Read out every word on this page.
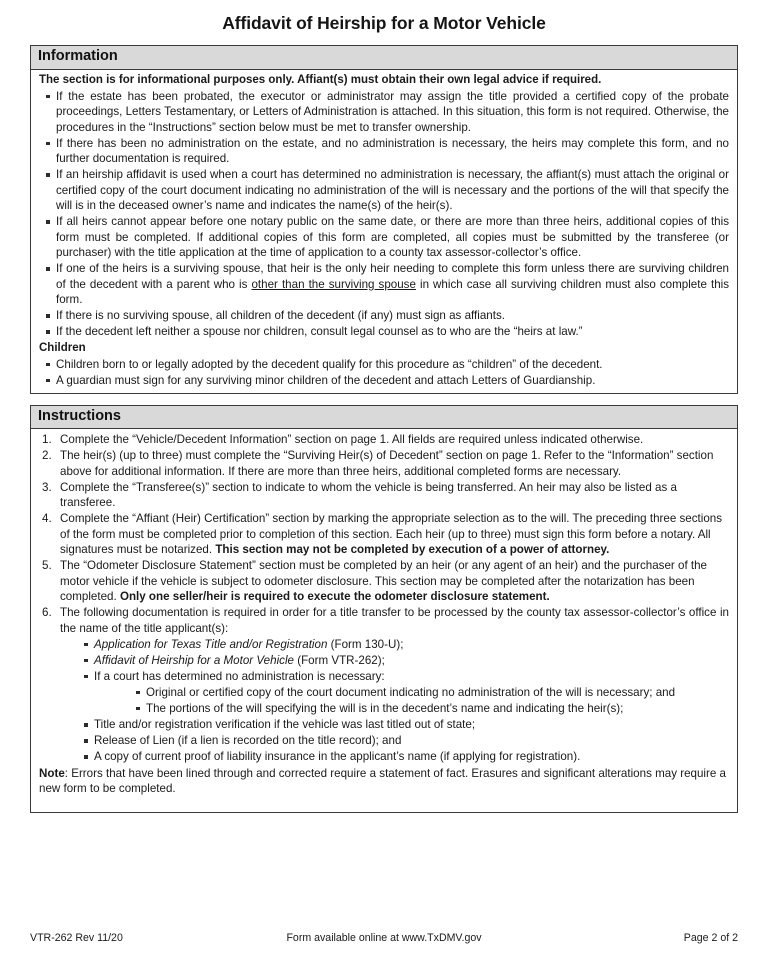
Affidavit of Heirship for a Motor Vehicle
Information

The section is for informational purposes only. Affiant(s) must obtain their own legal advice if required.

If the estate has been probated, the executor or administrator may assign the title provided a certified copy of the probate proceedings, Letters Testamentary, or Letters of Administration is attached. In this situation, this form is not required. Otherwise, the procedures in the “Instructions” section below must be met to transfer ownership.
If there has been no administration on the estate, and no administration is necessary, the heirs may complete this form, and no further documentation is required.
If an heirship affidavit is used when a court has determined no administration is necessary, the affiant(s) must attach the original or certified copy of the court document indicating no administration of the will is necessary and the portions of the will that specify the will is in the deceased owner’s name and indicates the name(s) of the heir(s).
If all heirs cannot appear before one notary public on the same date, or there are more than three heirs, additional copies of this form must be completed. If additional copies of this form are completed, all copies must be submitted by the transferee (or purchaser) with the title application at the time of application to a county tax assessor-collector’s office.
If one of the heirs is a surviving spouse, that heir is the only heir needing to complete this form unless there are surviving children of the decedent with a parent who is other than the surviving spouse in which case all surviving children must also complete this form.
If there is no surviving spouse, all children of the decedent (if any) must sign as affiants.
If the decedent left neither a spouse nor children, consult legal counsel as to who are the “heirs at law.”

Children

Children born to or legally adopted by the decedent qualify for this procedure as “children” of the decedent.
A guardian must sign for any surviving minor children of the decedent and attach Letters of Guardianship.
Instructions
Complete the “Vehicle/Decedent Information” section on page 1. All fields are required unless indicated otherwise.
The heir(s) (up to three) must complete the “Surviving Heir(s) of Decedent” section on page 1. Refer to the “Information” section above for additional information. If there are more than three heirs, additional completed forms are necessary.
Complete the “Transferee(s)” section to indicate to whom the vehicle is being transferred. An heir may also be listed as a transferee.
Complete the “Affiant (Heir) Certification” section by marking the appropriate selection as to the will. The preceding three sections of the form must be completed prior to completion of this section. Each heir (up to three) must sign this form before a notary. All signatures must be notarized. This section may not be completed by execution of a power of attorney.
The “Odometer Disclosure Statement” section must be completed by an heir (or any agent of an heir) and the purchaser of the motor vehicle if the vehicle is subject to odometer disclosure. This section may be completed after the notarization has been completed. Only one seller/heir is required to execute the odometer disclosure statement.
The following documentation is required in order for a title transfer to be processed by the county tax assessor-collector’s office in the name of the title applicant(s):
Application for Texas Title and/or Registration (Form 130-U);
Affidavit of Heirship for a Motor Vehicle (Form VTR-262);
If a court has determined no administration is necessary:
Original or certified copy of the court document indicating no administration of the will is necessary; and
The portions of the will specifying the will is in the decedent’s name and indicating the heir(s);
Title and/or registration verification if the vehicle was last titled out of state;
Release of Lien (if a lien is recorded on the title record); and
A copy of current proof of liability insurance in the applicant’s name (if applying for registration).

Note: Errors that have been lined through and corrected require a statement of fact. Erasures and significant alterations may require a new form to be completed.

VTR-262 Rev 11/20	Form available online at www.TxDMV.gov	Page 2 of 2
